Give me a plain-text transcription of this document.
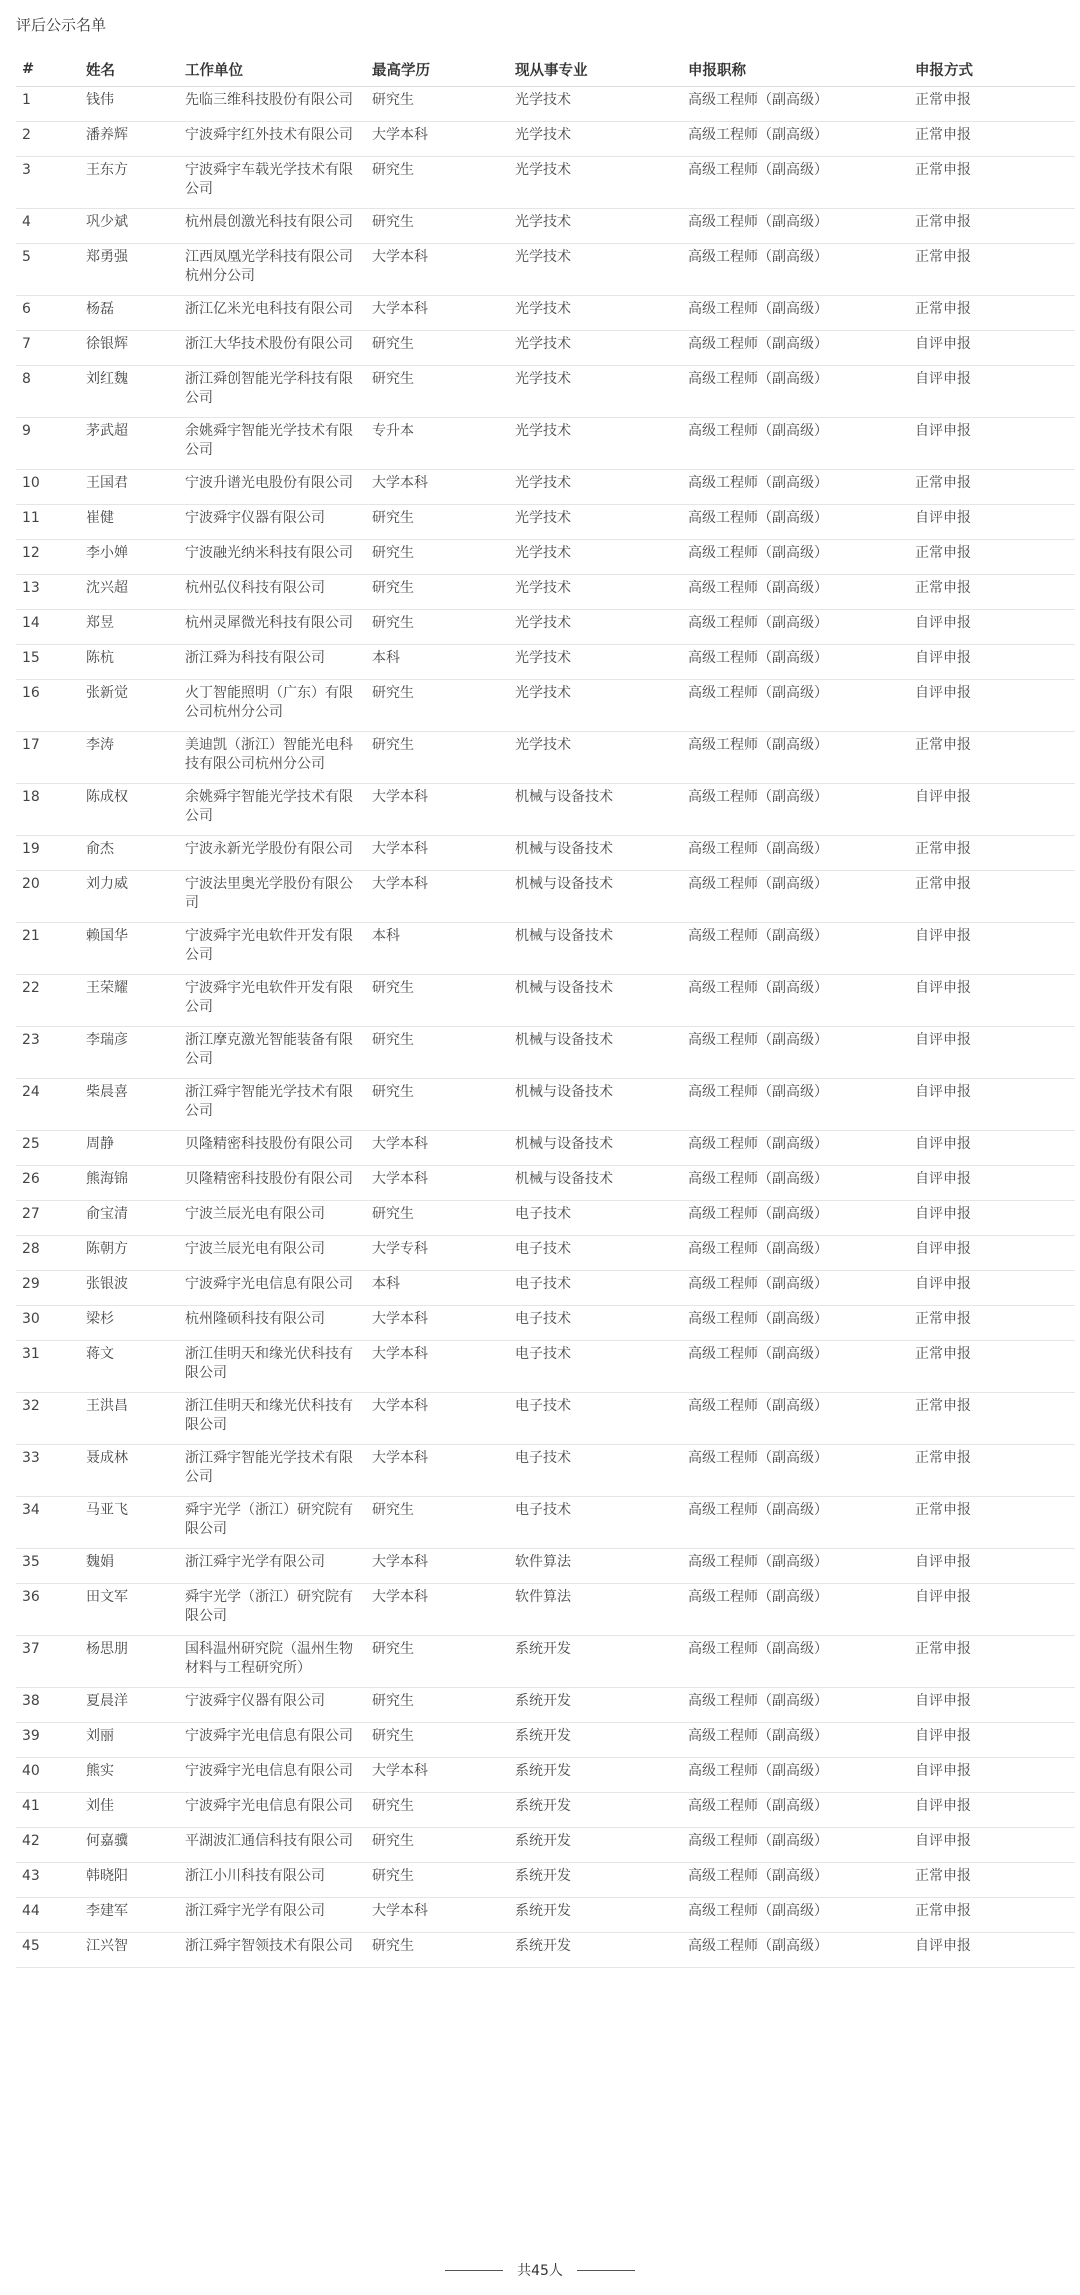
评后公示名单
#	姓名	工作单位	最高学历	现从事专业	申报职称	申报方式
1	钱伟	先临三维科技股份有限公司	研究生	光学技术	高级工程师（副高级）	正常申报
2	潘养辉	宁波舜宇红外技术有限公司	大学本科	光学技术	高级工程师（副高级）	正常申报
3	王东方	宁波舜宇车载光学技术有限公司	研究生	光学技术	高级工程师（副高级）	正常申报
4	巩少斌	杭州晨创激光科技有限公司	研究生	光学技术	高级工程师（副高级）	正常申报
5	郑勇强	江西凤凰光学科技有限公司杭州分公司	大学本科	光学技术	高级工程师（副高级）	正常申报
6	杨磊	浙江亿米光电科技有限公司	大学本科	光学技术	高级工程师（副高级）	正常申报
7	徐银辉	浙江大华技术股份有限公司	研究生	光学技术	高级工程师（副高级）	自评申报
8	刘红魏	浙江舜创智能光学科技有限公司	研究生	光学技术	高级工程师（副高级）	自评申报
9	茅武超	余姚舜宇智能光学技术有限公司	专升本	光学技术	高级工程师（副高级）	自评申报
10	王国君	宁波升谱光电股份有限公司	大学本科	光学技术	高级工程师（副高级）	正常申报
11	崔健	宁波舜宇仪器有限公司	研究生	光学技术	高级工程师（副高级）	自评申报
12	李小婵	宁波融光纳米科技有限公司	研究生	光学技术	高级工程师（副高级）	正常申报
13	沈兴超	杭州弘仪科技有限公司	研究生	光学技术	高级工程师（副高级）	正常申报
14	郑昱	杭州灵犀微光科技有限公司	研究生	光学技术	高级工程师（副高级）	自评申报
15	陈杭	浙江舜为科技有限公司	本科	光学技术	高级工程师（副高级）	自评申报
16	张新觉	火丁智能照明（广东）有限公司杭州分公司	研究生	光学技术	高级工程师（副高级）	自评申报
17	李涛	美迪凯（浙江）智能光电科技有限公司杭州分公司	研究生	光学技术	高级工程师（副高级）	正常申报
18	陈成权	余姚舜宇智能光学技术有限公司	大学本科	机械与设备技术	高级工程师（副高级）	自评申报
19	俞杰	宁波永新光学股份有限公司	大学本科	机械与设备技术	高级工程师（副高级）	正常申报
20	刘力威	宁波法里奥光学股份有限公司	大学本科	机械与设备技术	高级工程师（副高级）	正常申报
21	赖国华	宁波舜宇光电软件开发有限公司	本科	机械与设备技术	高级工程师（副高级）	自评申报
22	王荣耀	宁波舜宇光电软件开发有限公司	研究生	机械与设备技术	高级工程师（副高级）	自评申报
23	李瑞彦	浙江摩克激光智能装备有限公司	研究生	机械与设备技术	高级工程师（副高级）	自评申报
24	柴晨喜	浙江舜宇智能光学技术有限公司	研究生	机械与设备技术	高级工程师（副高级）	自评申报
25	周静	贝隆精密科技股份有限公司	大学本科	机械与设备技术	高级工程师（副高级）	自评申报
26	熊海锦	贝隆精密科技股份有限公司	大学本科	机械与设备技术	高级工程师（副高级）	自评申报
27	俞宝清	宁波兰辰光电有限公司	研究生	电子技术	高级工程师（副高级）	自评申报
28	陈朝方	宁波兰辰光电有限公司	大学专科	电子技术	高级工程师（副高级）	自评申报
29	张银波	宁波舜宇光电信息有限公司	本科	电子技术	高级工程师（副高级）	自评申报
30	梁杉	杭州隆硕科技有限公司	大学本科	电子技术	高级工程师（副高级）	正常申报
31	蒋文	浙江佳明天和缘光伏科技有限公司	大学本科	电子技术	高级工程师（副高级）	正常申报
32	王洪昌	浙江佳明天和缘光伏科技有限公司	大学本科	电子技术	高级工程师（副高级）	正常申报
33	聂成林	浙江舜宇智能光学技术有限公司	大学本科	电子技术	高级工程师（副高级）	正常申报
34	马亚飞	舜宇光学（浙江）研究院有限公司	研究生	电子技术	高级工程师（副高级）	正常申报
35	魏娟	浙江舜宇光学有限公司	大学本科	软件算法	高级工程师（副高级）	自评申报
36	田文军	舜宇光学（浙江）研究院有限公司	大学本科	软件算法	高级工程师（副高级）	自评申报
37	杨思朋	国科温州研究院（温州生物材料与工程研究所）	研究生	系统开发	高级工程师（副高级）	正常申报
38	夏晨洋	宁波舜宇仪器有限公司	研究生	系统开发	高级工程师（副高级）	自评申报
39	刘丽	宁波舜宇光电信息有限公司	研究生	系统开发	高级工程师（副高级）	自评申报
40	熊实	宁波舜宇光电信息有限公司	大学本科	系统开发	高级工程师（副高级）	自评申报
41	刘佳	宁波舜宇光电信息有限公司	研究生	系统开发	高级工程师（副高级）	自评申报
42	何嘉骥	平湖波汇通信科技有限公司	研究生	系统开发	高级工程师（副高级）	自评申报
43	韩晓阳	浙江小川科技有限公司	研究生	系统开发	高级工程师（副高级）	正常申报
44	李建军	浙江舜宇光学有限公司	大学本科	系统开发	高级工程师（副高级）	正常申报
45	江兴智	浙江舜宇智领技术有限公司	研究生	系统开发	高级工程师（副高级）	自评申报
共45人
